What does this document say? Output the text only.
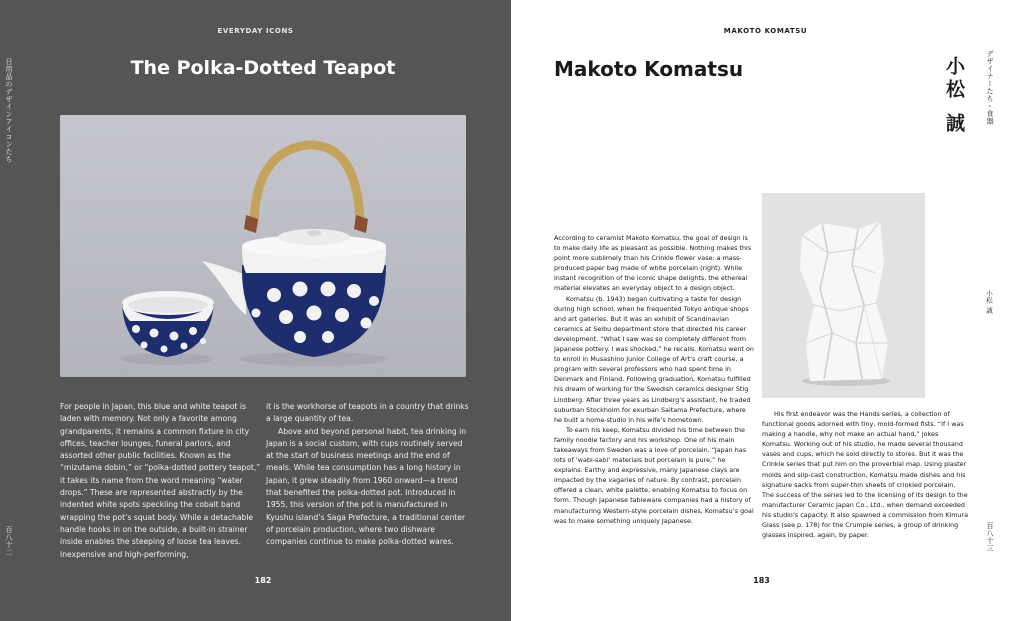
EVERYDAY ICONS
The Polka-Dotted Teapot
日用品のデザインアイコンたち

For people in Japan, this blue and white teapot is laden with memory. Not only a favorite among grandparents, it remains a common fixture in city offices, teacher lounges, funeral parlors, and assorted other public facilities. Known as the “mizutama dobin,” or “polka-dotted pottery teapot,” it takes its name from the word meaning “water drops.” These are represented abstractly by the indented white spots speckling the cobalt band wrapping the pot’s squat body. While a detachable handle hooks in on the outside, a built-in strainer inside enables the steeping of loose tea leaves. Inexpensive and high-performing,

it is the workhorse of teapots in a country that drinks a large quantity of tea.

Above and beyond personal habit, tea drinking in Japan is a social custom, with cups routinely served at the start of business meetings and the end of meals. While tea consumption has a long history in Japan, it grew steadily from 1960 onward—a trend that benefited the polka-dotted pot. Introduced in 1955, this version of the pot is manufactured in Kyushu island’s Saga Prefecture, a traditional center of porcelain production, where two dishware companies continue to make polka-dotted wares.

百八十二
182
MAKOTO KOMATSU
Makoto Komatsu	小松 誠	デザイナーたち・食器
小松 誠

According to ceramist Makoto Komatsu, the goal of design is to make daily life as pleasant as possible. Nothing makes this point more sublimely than his Crinkle flower vase: a mass-produced paper bag made of white porcelain (right). While instant recognition of the iconic shape delights, the ethereal material elevates an everyday object to a design object.

Komatsu (b. 1943) began cultivating a taste for design during high school, when he frequented Tokyo antique shops and art galleries. But it was an exhibit of Scandinavian ceramics at Seibu department store that directed his career development. “What I saw was so completely different from Japanese pottery. I was shocked,” he recalls. Komatsu went on to enroll in Musashino Junior College of Art’s craft course, a program with several professors who had spent time in Denmark and Finland. Following graduation, Komatsu fulfilled his dream of working for the Swedish ceramics designer Stig Lindberg. After three years as Lindberg’s assistant, he traded suburban Stockholm for exurban Saitama Prefecture, where he built a home-studio in his wife’s hometown.

To earn his keep, Komatsu divided his time between the family noodle factory and his workshop. One of his main takeaways from Sweden was a love of porcelain. “Japan has lots of ‘wabi-sabi’ materials but porcelain is pure,” he explains. Earthy and expressive, many Japanese clays are impacted by the vagaries of nature. By contrast, porcelain offered a clean, white palette, enabling Komatsu to focus on form. Though Japanese tableware companies had a history of manufacturing Western-style porcelain dishes, Komatsu’s goal was to make something uniquely Japanese.

His first endeavor was the Hands series, a collection of functional goods adorned with tiny, mold-formed fists. “If I was making a handle, why not make an actual hand,” jokes Komatsu. Working out of his studio, he made several thousand vases and cups, which he sold directly to stores. But it was the Crinkle series that put him on the proverbial map. Using plaster molds and slip-cast construction, Komatsu made dishes and his signature sacks from super-thin sheets of crinkled porcelain. The success of the series led to the licensing of its design to the manufacturer Ceramic Japan Co., Ltd., when demand exceeded his studio’s capacity. It also spawned a commission from Kimura Glass (see p. 178) for the Crumple series, a group of drinking glasses inspired, again, by paper.	百八十三
183
